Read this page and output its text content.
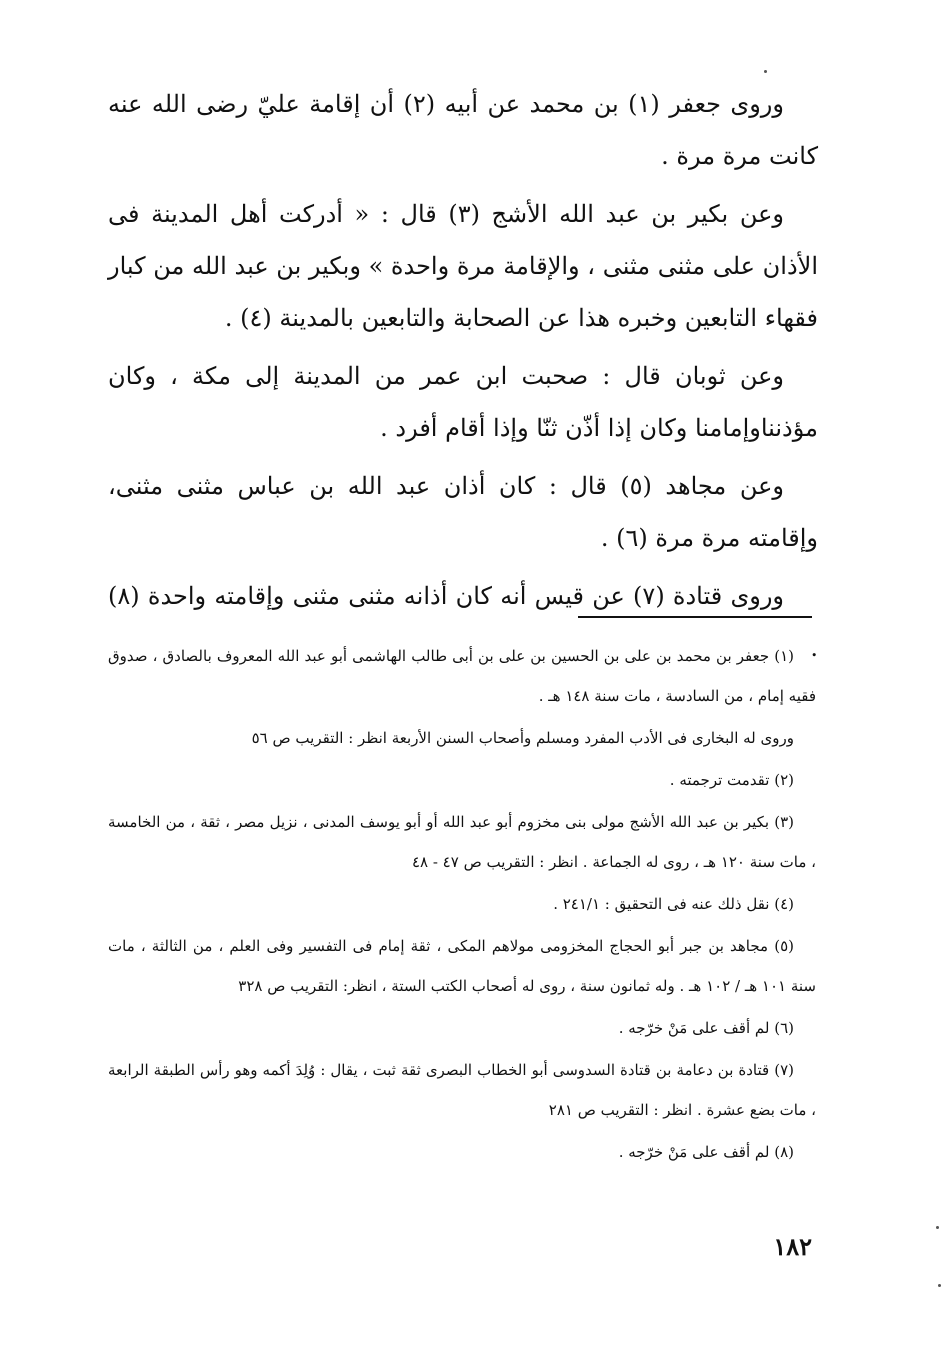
وروى جعفر (١) بن محمد عن أبيه (٢) أن إقامة عليّ رضى الله عنه كانت مرة مرة .

وعن بكير بن عبد الله الأشج (٣) قال : « أدركت أهل المدينة فى الأذان على مثنى مثنى ، والإقامة مرة واحدة » وبكير بن عبد الله من كبار فقهاء التابعين وخبره هذا عن الصحابة والتابعين بالمدينة (٤) .

وعن ثوبان قال : صحبت ابن عمر من المدينة إلى مكة ، وكان مؤذنناوإمامنا وكان إذا أذّن ثنّا وإذا أقام أفرد .

وعن مجاهد (٥) قال : كان أذان عبد الله بن عباس مثنى مثنى، وإقامته مرة مرة (٦) .

وروى قتادة (٧) عن قيس أنه كان أذانه مثنى مثنى وإقامته واحدة (٨) .

(١) جعفر بن محمد بن على بن الحسين بن على بن أبى طالب الهاشمى أبو عبد الله المعروف بالصادق ، صدوق فقيه إمام ، من السادسة ، مات سنة ١٤٨ هـ .

وروى له البخارى فى الأدب المفرد ومسلم وأصحاب السنن الأربعة انظر : التقريب ص ٥٦

(٢) تقدمت ترجمته .

(٣) بكير بن عبد الله الأشج مولى بنى مخزوم أبو عبد الله أو أبو يوسف المدنى ، نزيل مصر ، ثقة ، من الخامسة ، مات سنة ١٢٠ هـ ، روى له الجماعة . انظر : التقريب ص ٤٧ - ٤٨

(٤) نقل ذلك عنه فى التحقيق : ٢٤١/١ .

(٥) مجاهد بن جبر أبو الحجاج المخزومى مولاهم المكى ، ثقة إمام فى التفسير وفى العلم ، من الثالثة ، مات سنة ١٠١ هـ / ١٠٢ هـ . وله ثمانون سنة ، روى له أصحاب الكتب الستة ، انظر: التقريب ص ٣٢٨

(٦) لم أقف على مَنْ خرّجه .

(٧) قتادة بن دعامة بن قتادة السدوسى أبو الخطاب البصرى ثقة ثبت ، يقال : وُلِدَ أكمه وهو رأس الطبقة الرابعة ، مات بضع عشرة . انظر : التقريب ص ٢٨١

(٨) لم أقف على مَنْ خرّجه .

١٨٢
